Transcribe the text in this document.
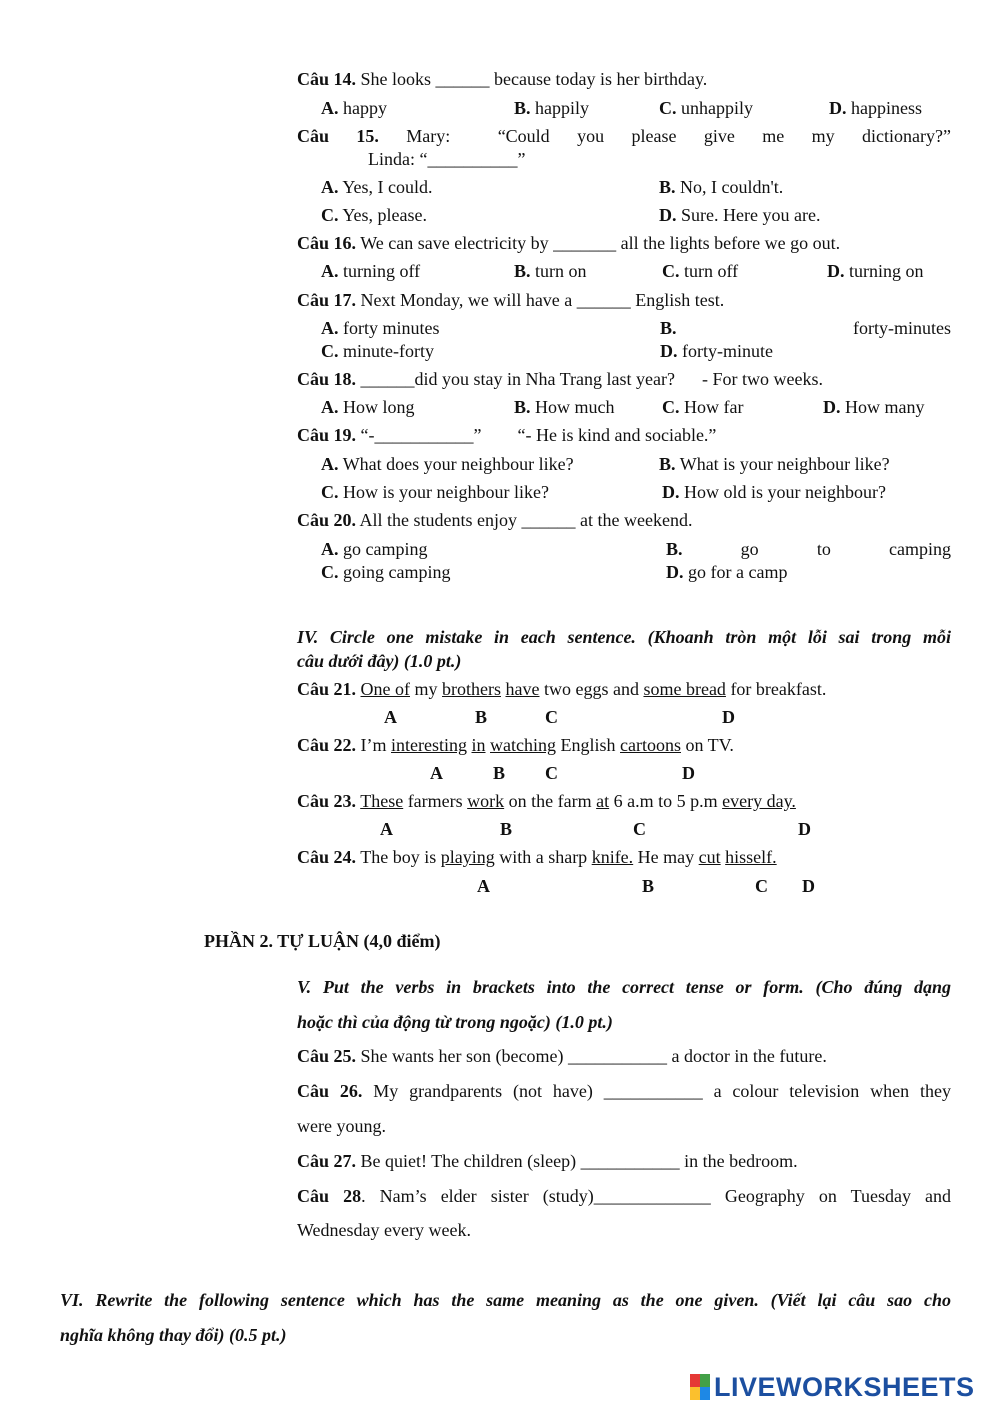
Câu 14. She looks ______ because today is her birthday.
A. happy	B. happily	C. unhappily	D. happiness
Câu 15. Mary:	“Could you please give me my dictionary?”
Linda: “__________”
A. Yes, I could.	B. No, I couldn't.
C. Yes, please.	D. Sure. Here you are.
Câu 16. We can save electricity by _______ all the lights before we go out.
A. turning off	B. turn on	C. turn off	D. turning on
Câu 17. Next Monday, we will have a ______ English test.
A. forty minutes	B.	forty-minutes
C. minute-forty	D. forty-minute
Câu 18. ______did you stay in Nha Trang last year?      - For two weeks.
A. How long	B. How much	C. How far	D. How many
Câu 19. “-___________”        “- He is kind and sociable.”
A. What does your neighbour like?	B. What is your neighbour like?
C. How is your neighbour like?	D. How old is your neighbour?
Câu 20. All the students enjoy ______ at the weekend.
A. go camping	B.	go	to	camping
C. going camping	D. go for a camp
IV. Circle one mistake in each sentence. (Khoanh tròn một lỗi sai trong mỗi
câu dưới đây) (1.0 pt.)
Câu 21. One of my brothers have two eggs and some bread for breakfast.
A	B	C	D
Câu 22. I’m interesting in watching English cartoons on TV.
A	B C	D
Câu 23. These farmers work on the farm at 6 a.m to 5 p.m every day.
A	B	C	D
Câu 24. The boy is playing with a sharp knife. He may cut hisself.
A	B	C D
PHẦN 2. TỰ LUẬN (4,0 điểm)
V. Put the verbs in brackets into the correct tense or form. (Cho đúng dạng
hoặc thì của động từ trong ngoặc) (1.0 pt.)
Câu 25. She wants her son (become) ___________ a doctor in the future.
Câu 26. My grandparents (not have) ___________ a colour television when they
were young.
Câu 27. Be quiet! The children (sleep) ___________ in the bedroom.
Câu 28. Nam’s elder sister (study)_____________ Geography on Tuesday and
Wednesday every week.
VI. Rewrite the following sentence which has the same meaning as the one given. (Viết lại câu sao cho
nghĩa không thay đổi) (0.5 pt.)
LIVEWORKSHEETS
